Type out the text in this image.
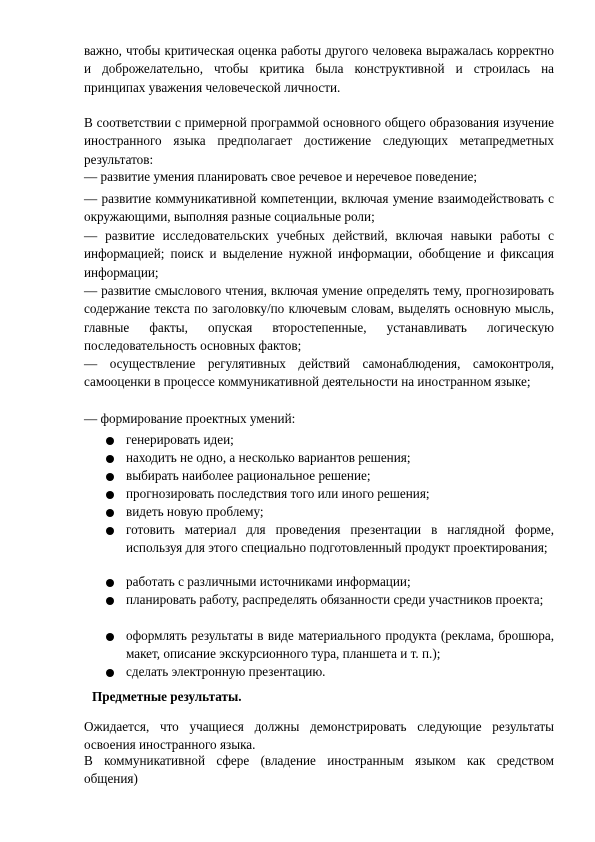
важно, чтобы критическая оценка работы другого человека выражалась корректно и доброжелательно, чтобы критика была конструктивной и строилась на принципах уважения человеческой личности.

В соответствии с примерной программой основного общего образования изучение иностранного языка предполагает достижение следующих метапредметных результатов:

— развитие умения планировать свое речевое и неречевое поведение;

— развитие коммуникативной компетенции, включая умение взаимодействовать с окружающими, выполняя разные социальные роли;

— развитие исследовательских учебных действий, включая навыки работы с информацией; поиск и выделение нужной информации, обобщение и фиксация информации;

— развитие смыслового чтения, включая умение определять тему, прогнозировать содержание текста по заголовку/по ключевым словам, выделять основную мысль, главные факты, опуская второстепенные, устанавливать логическую последовательность основных фактов;

— осуществление регулятивных действий самонаблюдения, самоконтроля, самооценки в процессе коммуникативной деятельности на иностранном языке;

— формирование проектных умений:

генерировать идеи;

находить не одно, а несколько вариантов решения;

выбирать наиболее рациональное решение;

прогнозировать последствия того или иного решения;

видеть новую проблему;

готовить материал для проведения презентации в наглядной форме, используя для этого специально подготовленный продукт проектирования;

работать с различными источниками информации;

планировать работу, распределять обязанности среди участников проекта;

оформлять результаты в виде материального продукта (реклама, брошюра, макет, описание экскурсионного тура, планшета и т. п.);

сделать электронную презентацию.

Предметные результаты.

Ожидается, что учащиеся должны демонстрировать следующие результаты освоения иностранного языка.

В коммуникативной сфере (владение иностранным языком как средством общения)
